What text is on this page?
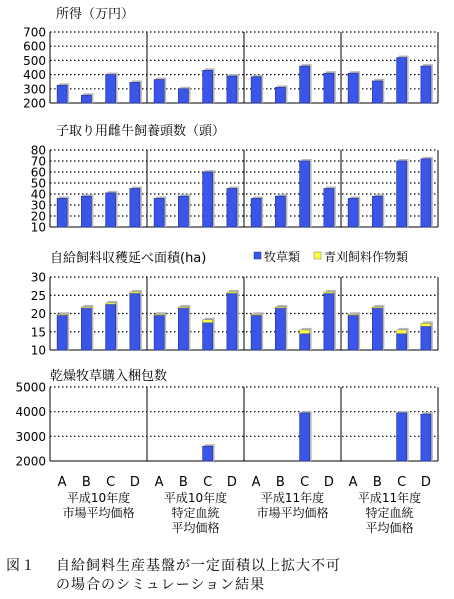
所得（万円）
子取り用雌牛飼養頭数（頭）
自給飼料収穫延べ面積(ha)
乾燥牧草購入梱包数
牧草類 青刈飼料作物類
200
300
400
500
600
700
10
20
30
40
50
60
70
80
10
15
20
25
30
2000
3000
4000
5000
A B C D
平成10年度
市場平均価格
A B C D
平成10年度
特定血統
平均価格
A B C D
平成11年度
市場平均価格
A B C D
平成11年度
特定血統
平均価格
図１ 自給飼料生産基盤が一定面積以上拡大不可
の場合のシミュレーション結果
